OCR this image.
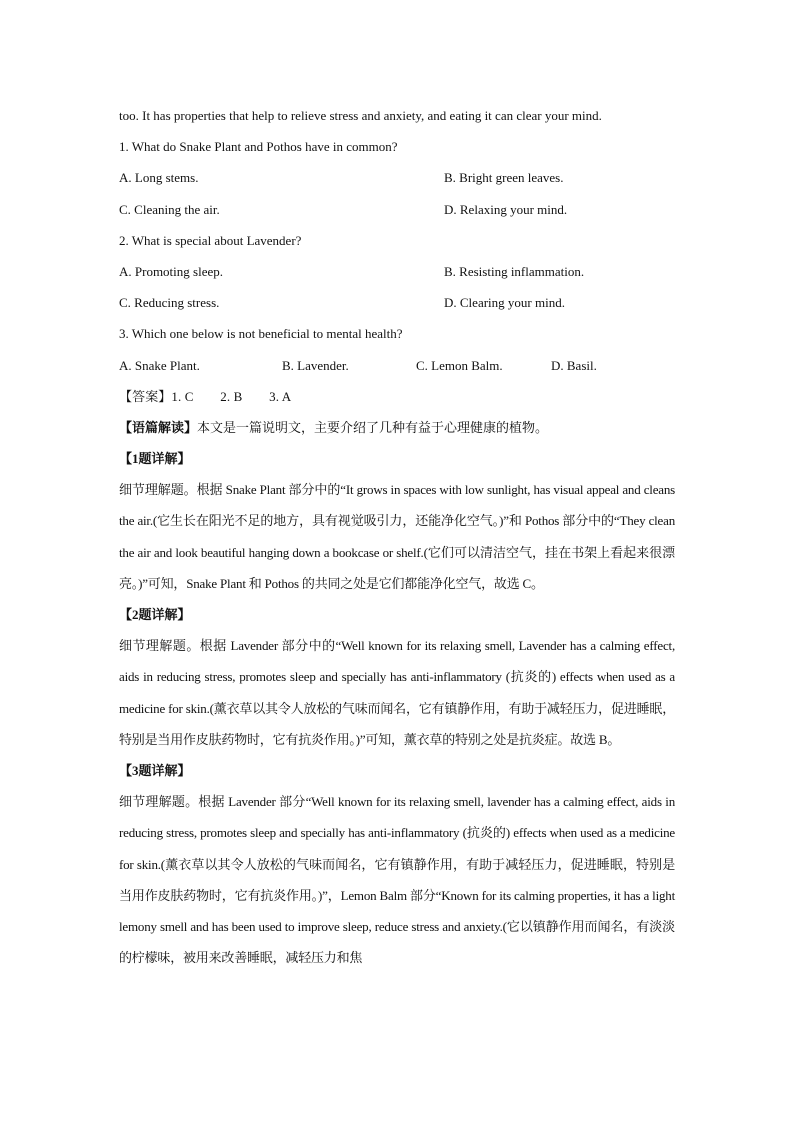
too. It has properties that help to relieve stress and anxiety, and eating it can clear your mind.
1. What do Snake Plant and Pothos have in common?
A. Long stems.	B. Bright green leaves.
C. Cleaning the air.	D. Relaxing your mind.
2. What is special about Lavender?
A. Promoting sleep.	B. Resisting inflammation.
C. Reducing stress.	D. Clearing your mind.
3. Which one below is not beneficial to mental health?
A. Snake Plant.	B. Lavender.	C. Lemon Balm.	D. Basil.
【答案】1. C        2. B        3. A
【语篇解读】本文是一篇说明文，主要介绍了几种有益于心理健康的植物。
【1题详解】
细节理解题。根据 Snake Plant 部分中的“It grows in spaces with low sunlight, has visual appeal and cleans the air.(它生长在阳光不足的地方，具有视觉吸引力，还能净化空气。)”和 Pothos 部分中的“They clean the air and look beautiful hanging down a bookcase or shelf.(它们可以清洁空气，挂在书架上看起来很漂亮。)”可知，Snake Plant 和 Pothos 的共同之处是它们都能净化空气，故选 C。
【2题详解】
细节理解题。根据 Lavender 部分中的“Well known for its relaxing smell, Lavender has a calming effect, aids in reducing stress, promotes sleep and specially has anti-inflammatory (抗炎的) effects when used as a medicine for skin.(薰衣草以其令人放松的气味而闻名，它有镇静作用，有助于减轻压力，促进睡眠，特别是当用作皮肤药物时，它有抗炎作用。)”可知，薰衣草的特别之处是抗炎症。故选 B。
【3题详解】
细节理解题。根据 Lavender 部分“Well known for its relaxing smell, lavender has a calming effect, aids in reducing stress, promotes sleep and specially has anti-inflammatory (抗炎的) effects when used as a medicine for skin.(薰衣草以其令人放松的气味而闻名，它有镇静作用，有助于减轻压力，促进睡眠，特别是当用作皮肤药物时，它有抗炎作用。)”，Lemon Balm 部分“Known for its calming properties, it has a light lemony smell and has been used to improve sleep, reduce stress and anxiety.(它以镇静作用而闻名，有淡淡的柠檬味，被用来改善睡眠，减轻压力和焦
